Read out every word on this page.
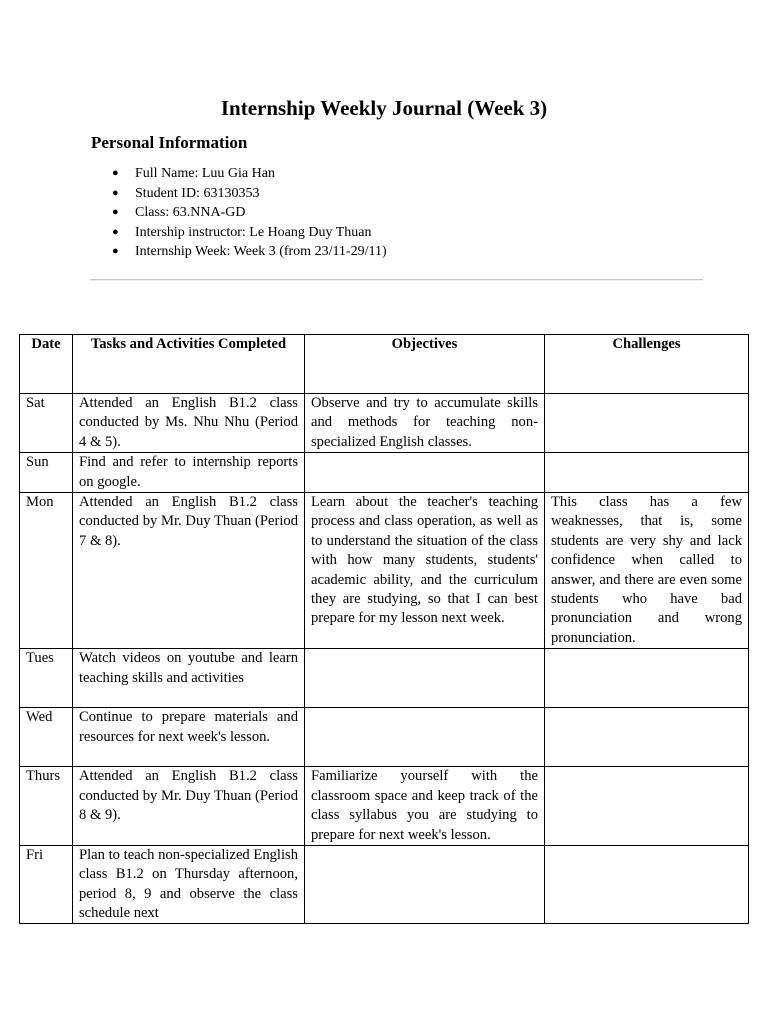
Internship Weekly Journal (Week 3)
Personal Information
● Full Name: Luu Gia Han
● Student ID: 63130353
● Class: 63.NNA-GD
● Intership instructor: Le Hoang Duy Thuan
● Internship Week: Week 3 (from 23/11-29/11)
Date	Tasks and Activities Completed	Objectives	Challenges
Sat	Attended an English B1.2 class conducted by Ms. Nhu Nhu (Period 4 & 5).	Observe and try to accumulate skills and methods for teaching non-specialized English classes.	
Sun	Find and refer to internship reports on google.		
Mon	Attended an English B1.2 class conducted by Mr. Duy Thuan (Period 7 & 8).	Learn about the teacher's teaching process and class operation, as well as to understand the situation of the class with how many students, students' academic ability, and the curriculum they are studying, so that I can best prepare for my lesson next week.	This class has a few weaknesses, that is, some students are very shy and lack confidence when called to answer, and there are even some students who have bad pronunciation and wrong pronunciation.
Tues	Watch videos on youtube and learn teaching skills and activities		
Wed	Continue to prepare materials and resources for next week's lesson.		
Thurs	Attended an English B1.2 class conducted by Mr. Duy Thuan (Period 8 & 9).	Familiarize yourself with the classroom space and keep track of the class syllabus you are studying to prepare for next week's lesson.	
Fri	Plan to teach non-specialized English class B1.2 on Thursday afternoon, period 8, 9 and observe the class schedule next		
